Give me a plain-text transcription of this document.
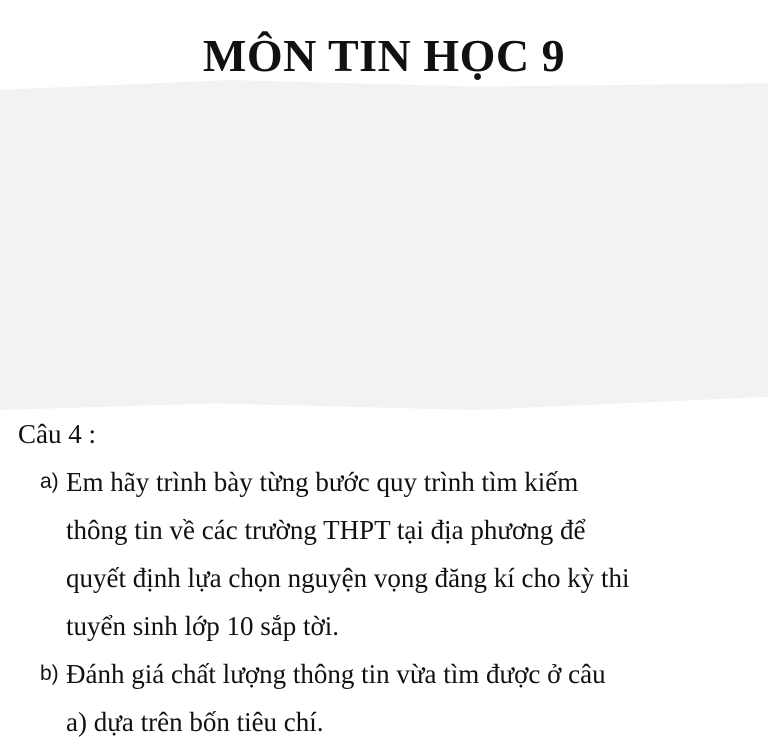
MÔN TIN HỌC 9
Câu 4 :
a) Em hãy trình bày từng bước quy trình tìm kiếm
thông tin về các trường THPT tại địa phương để
quyết định lựa chọn nguyện vọng đăng kí cho kỳ thi
tuyển sinh lớp 10 sắp tời.
b) Đánh giá chất lượng thông tin vừa tìm được ở câu
a) dựa trên bốn tiêu chí.
